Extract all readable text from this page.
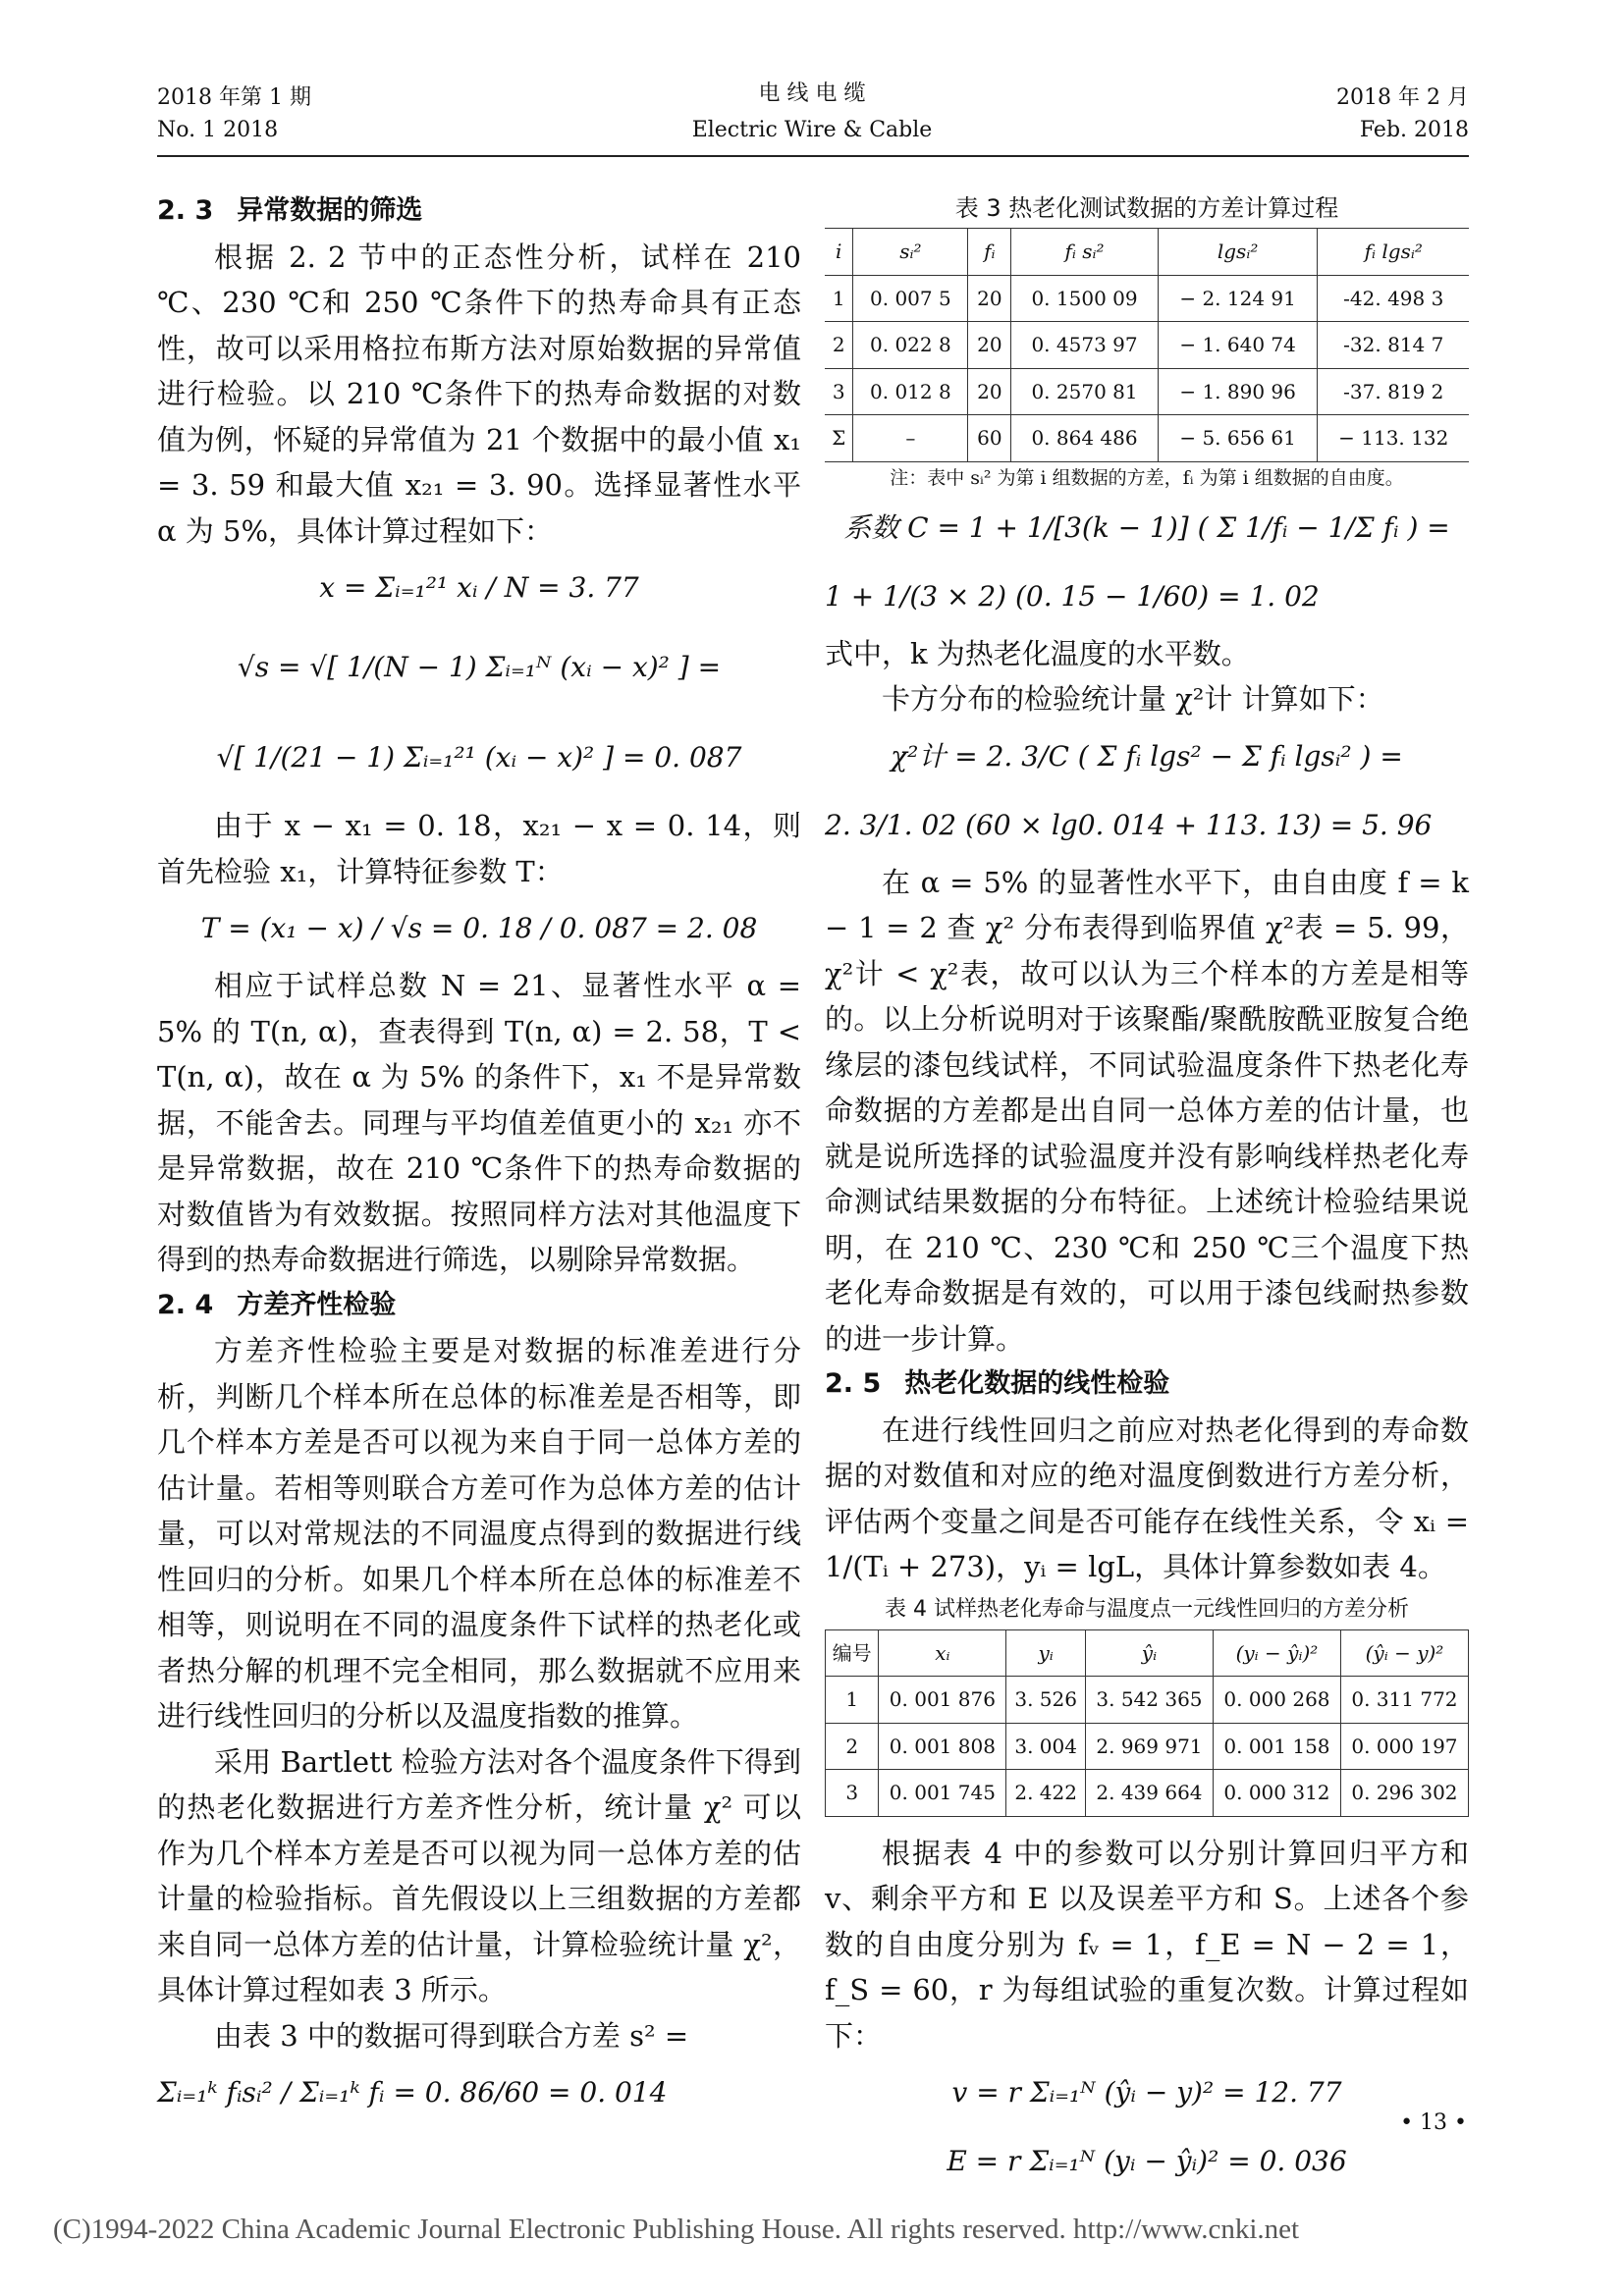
2018 年第 1 期
No. 1 2018
电 线 电 缆
Electric Wire & Cable
2018 年 2 月
Feb. 2018

2. 3 异常数据的筛选

根据 2. 2 节中的正态性分析，试样在 210 ℃、230 ℃和 250 ℃条件下的热寿命具有正态性，故可以采用格拉布斯方法对原始数据的异常值进行检验。以 210 ℃条件下的热寿命数据的对数值为例，怀疑的异常值为 21 个数据中的最小值 x₁ = 3. 59 和最大值 x₂₁ = 3. 90。选择显著性水平 α 为 5%，具体计算过程如下：

x = Σᵢ₌₁²¹ xᵢ / N = 3. 77
√s = √[ 1/(N − 1) Σᵢ₌₁ᴺ (xᵢ − x)² ] =
√[ 1/(21 − 1) Σᵢ₌₁²¹ (xᵢ − x)² ] = 0. 087

由于 x − x₁ = 0. 18，x₂₁ − x = 0. 14，则首先检验 x₁，计算特征参数 T：

T = (x₁ − x) / √s = 0. 18 / 0. 087 = 2. 08

相应于试样总数 N = 21、显著性水平 α = 5% 的 T(n, α)，查表得到 T(n, α) = 2. 58，T < T(n, α)，故在 α 为 5% 的条件下，x₁ 不是异常数据，不能舍去。同理与平均值差值更小的 x₂₁ 亦不是异常数据，故在 210 ℃条件下的热寿命数据的对数值皆为有效数据。按照同样方法对其他温度下得到的热寿命数据进行筛选，以剔除异常数据。

2. 4 方差齐性检验

方差齐性检验主要是对数据的标准差进行分析，判断几个样本所在总体的标准差是否相等，即几个样本方差是否可以视为来自于同一总体方差的估计量。若相等则联合方差可作为总体方差的估计量，可以对常规法的不同温度点得到的数据进行线性回归的分析。如果几个样本所在总体的标准差不相等，则说明在不同的温度条件下试样的热老化或者热分解的机理不完全相同，那么数据就不应用来进行线性回归的分析以及温度指数的推算。

采用 Bartlett 检验方法对各个温度条件下得到的热老化数据进行方差齐性分析，统计量 χ² 可以作为几个样本方差是否可以视为同一总体方差的估计量的检验指标。首先假设以上三组数据的方差都来自同一总体方差的估计量，计算检验统计量 χ²，具体计算过程如表 3 所示。

由表 3 中的数据可得到联合方差 s² =

Σᵢ₌₁ᵏ fᵢsᵢ² / Σᵢ₌₁ᵏ fᵢ = 0. 86/60 = 0. 014

表 3 热老化测试数据的方差计算过程

i	sᵢ²	fᵢ	fᵢ sᵢ²	lgsᵢ²	fᵢ lgsᵢ²
1	0. 007 5	20	0. 1500 09	− 2. 124 91	-42. 498 3
2	0. 022 8	20	0. 4573 97	− 1. 640 74	-32. 814 7
3	0. 012 8	20	0. 2570 81	− 1. 890 96	-37. 819 2
Σ	–	60	0. 864 486	− 5. 656 61	− 113. 132

注：表中 sᵢ² 为第 i 组数据的方差，fᵢ 为第 i 组数据的自由度。

系数 C = 1 + 1/[3(k − 1)] ( Σ 1/fᵢ − 1/Σ fᵢ ) =
1 + 1/(3 × 2) (0. 15 − 1/60) = 1. 02

式中，k 为热老化温度的水平数。

卡方分布的检验统计量 χ²计 计算如下：

χ²计 = 2. 3/C ( Σ fᵢ lgs² − Σ fᵢ lgsᵢ² ) =
2. 3/1. 02 (60 × lg0. 014 + 113. 13) = 5. 96

在 α = 5% 的显著性水平下，由自由度 f = k − 1 = 2 查 χ² 分布表得到临界值 χ²表 = 5. 99，χ²计 < χ²表，故可以认为三个样本的方差是相等的。以上分析说明对于该聚酯/聚酰胺酰亚胺复合绝缘层的漆包线试样，不同试验温度条件下热老化寿命数据的方差都是出自同一总体方差的估计量，也就是说所选择的试验温度并没有影响线样热老化寿命测试结果数据的分布特征。上述统计检验结果说明，在 210 ℃、230 ℃和 250 ℃三个温度下热老化寿命数据是有效的，可以用于漆包线耐热参数的进一步计算。

2. 5 热老化数据的线性检验

在进行线性回归之前应对热老化得到的寿命数据的对数值和对应的绝对温度倒数进行方差分析，评估两个变量之间是否可能存在线性关系，令 xᵢ = 1/(Tᵢ + 273)，yᵢ = lgL，具体计算参数如表 4。

表 4 试样热老化寿命与温度点一元线性回归的方差分析

编号	xᵢ	yᵢ	ŷᵢ	(yᵢ − ŷᵢ)²	(ŷᵢ − y)²
1	0. 001 876	3. 526	3. 542 365	0. 000 268	0. 311 772
2	0. 001 808	3. 004	2. 969 971	0. 001 158	0. 000 197
3	0. 001 745	2. 422	2. 439 664	0. 000 312	0. 296 302

根据表 4 中的参数可以分别计算回归平方和 v、剩余平方和 E 以及误差平方和 S。上述各个参数的自由度分别为 fᵥ = 1，f_E = N − 2 = 1，f_S = 60，r 为每组试验的重复次数。计算过程如下：

v = r Σᵢ₌₁ᴺ (ŷᵢ − y)² = 12. 77
E = r Σᵢ₌₁ᴺ (yᵢ − ŷᵢ)² = 0. 036
• 13 •
(C)1994-2022 China Academic Journal Electronic Publishing House. All rights reserved. http://www.cnki.net
